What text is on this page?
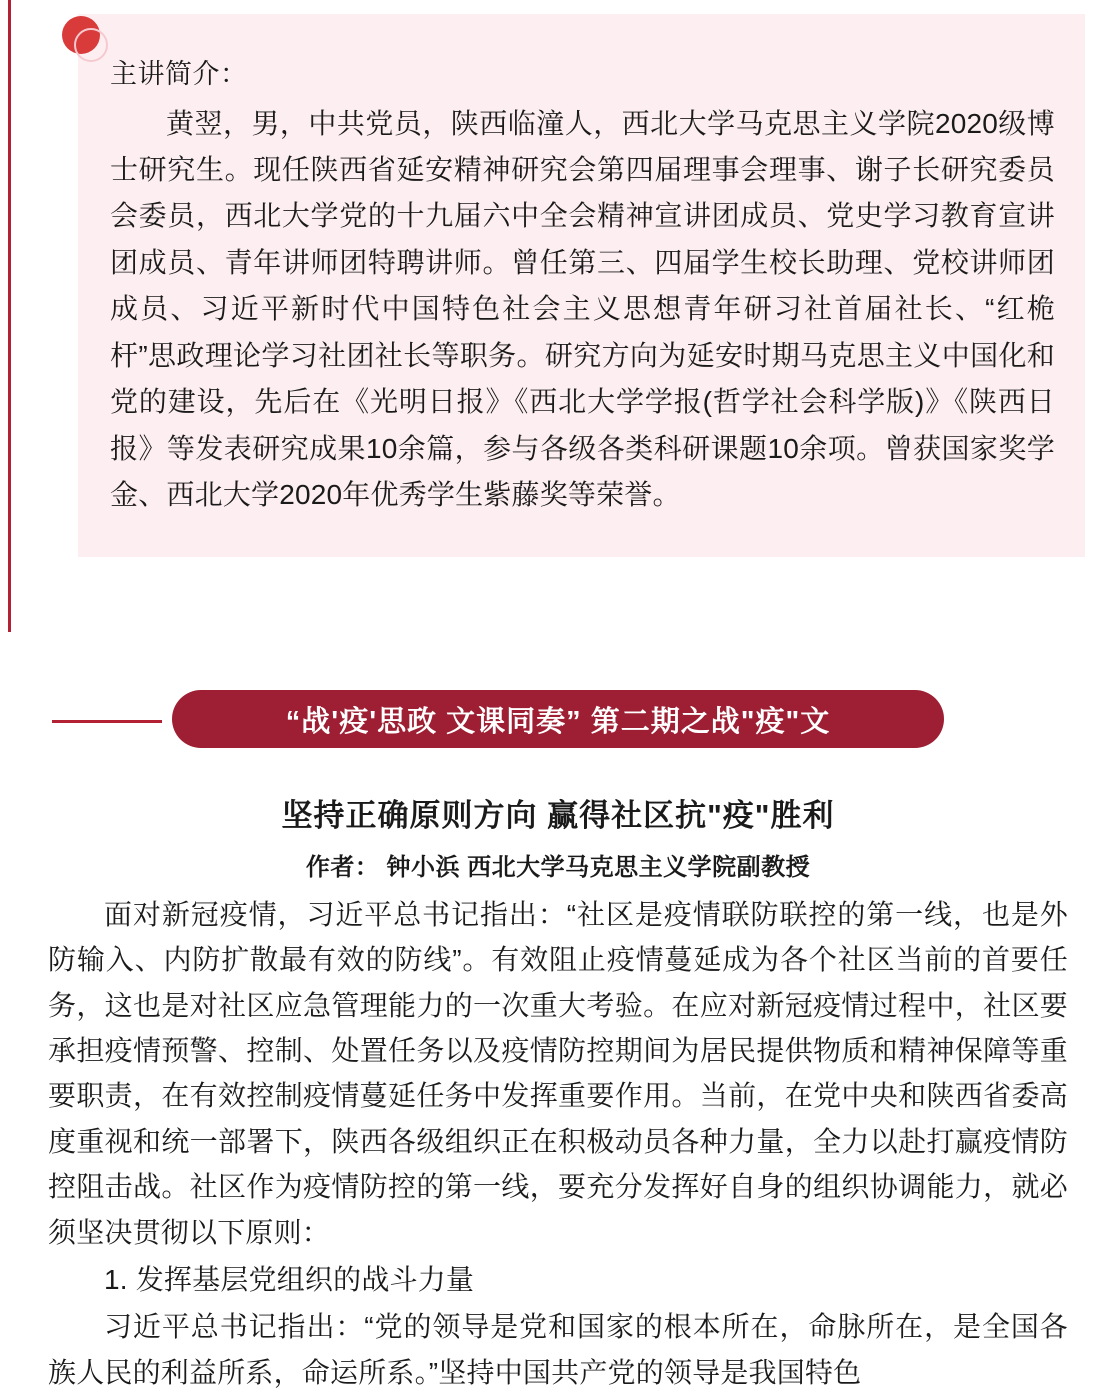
主讲简介：

黄翌，男，中共党员，陕西临潼人，西北大学马克思主义学院2020级博士研究生。现任陕西省延安精神研究会第四届理事会理事、谢子长研究委员会委员，西北大学党的十九届六中全会精神宣讲团成员、党史学习教育宣讲团成员、青年讲师团特聘讲师。曾任第三、四届学生校长助理、党校讲师团成员、习近平新时代中国特色社会主义思想青年研习社首届社长、“红桅杆”思政理论学习社团社长等职务。研究方向为延安时期马克思主义中国化和党的建设，先后在《光明日报》《西北大学学报(哲学社会科学版)》《陕西日报》等发表研究成果10余篇，参与各级各类科研课题10余项。曾获国家奖学金、西北大学2020年优秀学生紫藤奖等荣誉。

“战'疫'思政 文课同奏” 第二期之战"疫"文
坚持正确原则方向 赢得社区抗"疫"胜利
作者： 钟小浜 西北大学马克思主义学院副教授

面对新冠疫情，习近平总书记指出：“社区是疫情联防联控的第一线，也是外防输入、内防扩散最有效的防线”。有效阻止疫情蔓延成为各个社区当前的首要任务，这也是对社区应急管理能力的一次重大考验。在应对新冠疫情过程中，社区要承担疫情预警、控制、处置任务以及疫情防控期间为居民提供物质和精神保障等重要职责，在有效控制疫情蔓延任务中发挥重要作用。当前，在党中央和陕西省委高度重视和统一部署下，陕西各级组织正在积极动员各种力量，全力以赴打赢疫情防控阻击战。社区作为疫情防控的第一线，要充分发挥好自身的组织协调能力，就必须坚决贯彻以下原则：

1. 发挥基层党组织的战斗力量

习近平总书记指出：“党的领导是党和国家的根本所在，命脉所在，是全国各族人民的利益所系，命运所系。”坚持中国共产党的领导是我国特色
